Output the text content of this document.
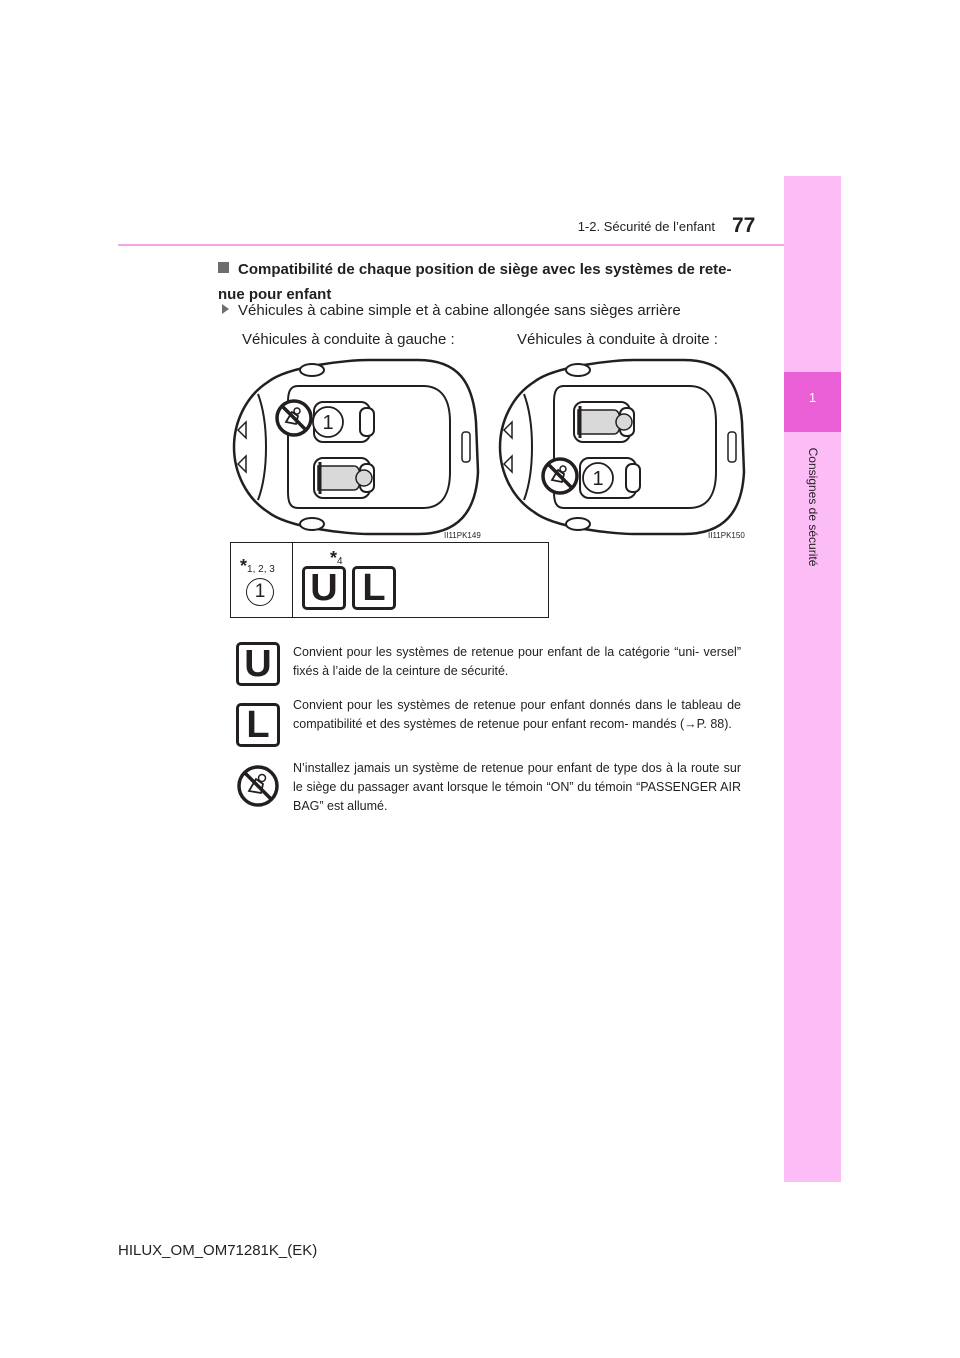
1
Consignes de sécurité
1-2. Sécurité de l’enfant 77
Compatibilité de chaque position de siège avec les systèmes de rete- nue pour enfant
Véhicules à cabine simple et à cabine allongée sans sièges arrière
Véhicules à conduite à gauche :	Véhicules à conduite à droite :
1
1
II11PK149	II11PK150
*1, 2, 3
1
*4
U L
U	Convient pour les systèmes de retenue pour enfant de la catégorie “uni- versel” fixés à l’aide de la ceinture de sécurité.
L	Convient pour les systèmes de retenue pour enfant donnés dans le tableau de compatibilité et des systèmes de retenue pour enfant recom- mandés (→P. 88).
N’installez jamais un système de retenue pour enfant de type dos à la route sur le siège du passager avant lorsque le témoin “ON” du témoin “PASSENGER AIR BAG” est allumé.
HILUX_OM_OM71281K_(EK)
